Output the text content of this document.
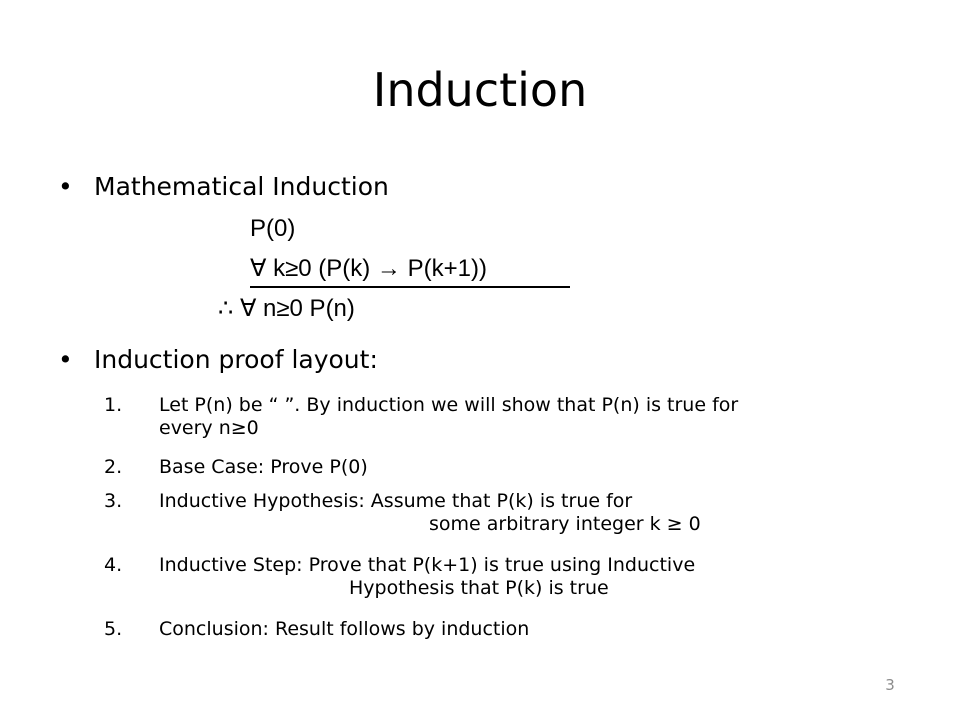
Induction
• Mathematical Induction
P(0)
∀ k≥0 (P(k) → P(k+1))
∴ ∀ n≥0 P(n)
• Induction proof layout:
1. Let P(n) be “ ”. By induction we will show that P(n) is true for
every n≥0
2. Base Case: Prove P(0)
3. Inductive Hypothesis: Assume that P(k) is true for
some arbitrary integer k ≥ 0
4. Inductive Step: Prove that P(k+1) is true using Inductive
Hypothesis that P(k) is true
5. Conclusion: Result follows by induction
3
